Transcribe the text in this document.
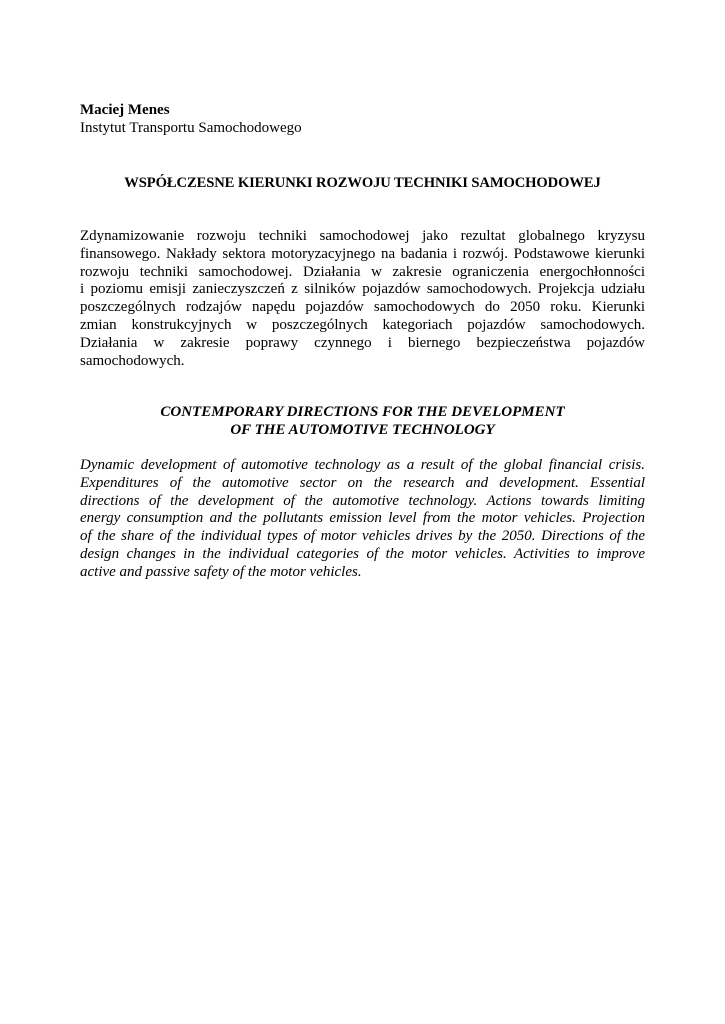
Maciej Menes

Instytut Transportu Samochodowego

WSPÓŁCZESNE KIERUNKI ROZWOJU TECHNIKI SAMOCHODOWEJ
Zdynamizowanie rozwoju techniki samochodowej jako rezultat globalnego kryzysu
finansowego. Nakłady sektora motoryzacyjnego na badania i rozwój. Podstawowe kierunki
rozwoju techniki samochodowej. Działania w zakresie ograniczenia energochłonności
i poziomu emisji zanieczyszczeń z silników pojazdów samochodowych. Projekcja udziału
poszczególnych rodzajów napędu pojazdów samochodowych do 2050 roku. Kierunki
zmian konstrukcyjnych w poszczególnych kategoriach pojazdów samochodowych.
Działania w zakresie poprawy czynnego i biernego bezpieczeństwa pojazdów
samochodowych.
CONTEMPORARY DIRECTIONS FOR THE DEVELOPMENT
OF THE AUTOMOTIVE TECHNOLOGY
Dynamic development of automotive technology as a result of the global financial crisis.
Expenditures of the automotive sector on the research and development. Essential
directions of the development of the automotive technology. Actions towards limiting
energy consumption and the pollutants emission level from the motor vehicles. Projection
of the share of the individual types of motor vehicles drives by the 2050. Directions of the
design changes in the individual categories of the motor vehicles. Activities to improve
active and passive safety of the motor vehicles.
